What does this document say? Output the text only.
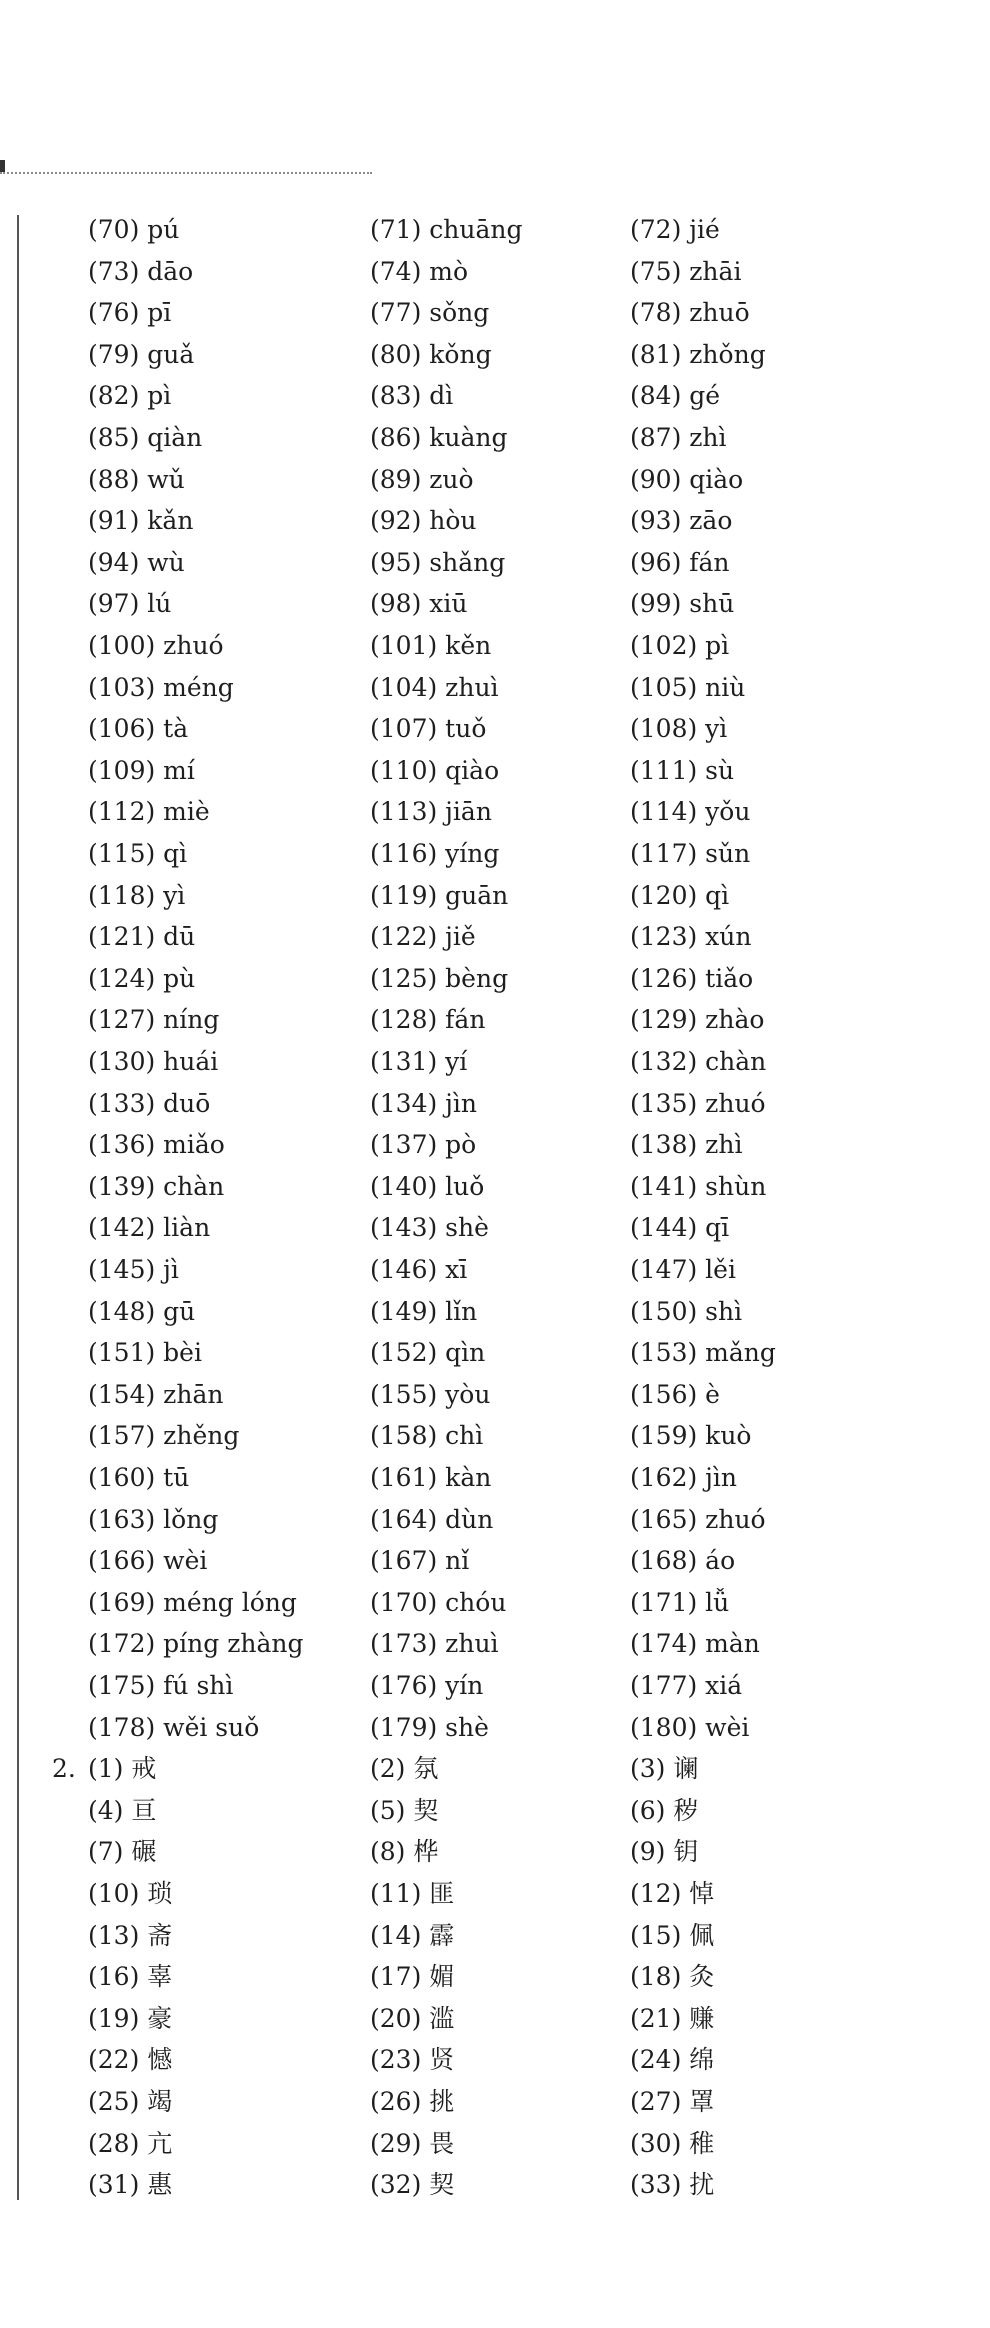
(70) pú	(71) chuāng	(72) jié
(73) dāo	(74) mò	(75) zhāi
(76) pī	(77) sǒng	(78) zhuō
(79) guǎ	(80) kǒng	(81) zhǒng
(82) pì	(83) dì	(84) gé
(85) qiàn	(86) kuàng	(87) zhì
(88) wǔ	(89) zuò	(90) qiào
(91) kǎn	(92) hòu	(93) zāo
(94) wù	(95) shǎng	(96) fán
(97) lú	(98) xiū	(99) shū
(100) zhuó	(101) kěn	(102) pì
(103) méng	(104) zhuì	(105) niù
(106) tà	(107) tuǒ	(108) yì
(109) mí	(110) qiào	(111) sù
(112) miè	(113) jiān	(114) yǒu
(115) qì	(116) yíng	(117) sǔn
(118) yì	(119) guān	(120) qì
(121) dū	(122) jiě	(123) xún
(124) pù	(125) bèng	(126) tiǎo
(127) níng	(128) fán	(129) zhào
(130) huái	(131) yí	(132) chàn
(133) duō	(134) jìn	(135) zhuó
(136) miǎo	(137) pò	(138) zhì
(139) chàn	(140) luǒ	(141) shùn
(142) liàn	(143) shè	(144) qī
(145) jì	(146) xī	(147) lěi
(148) gū	(149) lǐn	(150) shì
(151) bèi	(152) qìn	(153) mǎng
(154) zhān	(155) yòu	(156) è
(157) zhěng	(158) chì	(159) kuò
(160) tū	(161) kàn	(162) jìn
(163) lǒng	(164) dùn	(165) zhuó
(166) wèi	(167) nǐ	(168) áo
(169) méng lóng	(170) chóu	(171) lǚ
(172) píng zhàng	(173) zhuì	(174) màn
(175) fú shì	(176) yín	(177) xiá
(178) wěi suǒ	(179) shè	(180) wèi
2. (1) 戒	(2) 氛	(3) 谰
(4) 亘	(5) 契	(6) 秽
(7) 碾	(8) 桦	(9) 钥
(10) 琐	(11) 匪	(12) 悼
(13) 斋	(14) 霹	(15) 佩
(16) 辜	(17) 媚	(18) 灸
(19) 豪	(20) 滥	(21) 赚
(22) 憾	(23) 贤	(24) 绵
(25) 竭	(26) 挑	(27) 罩
(28) 亢	(29) 畏	(30) 稚
(31) 惠	(32) 契	(33) 扰
